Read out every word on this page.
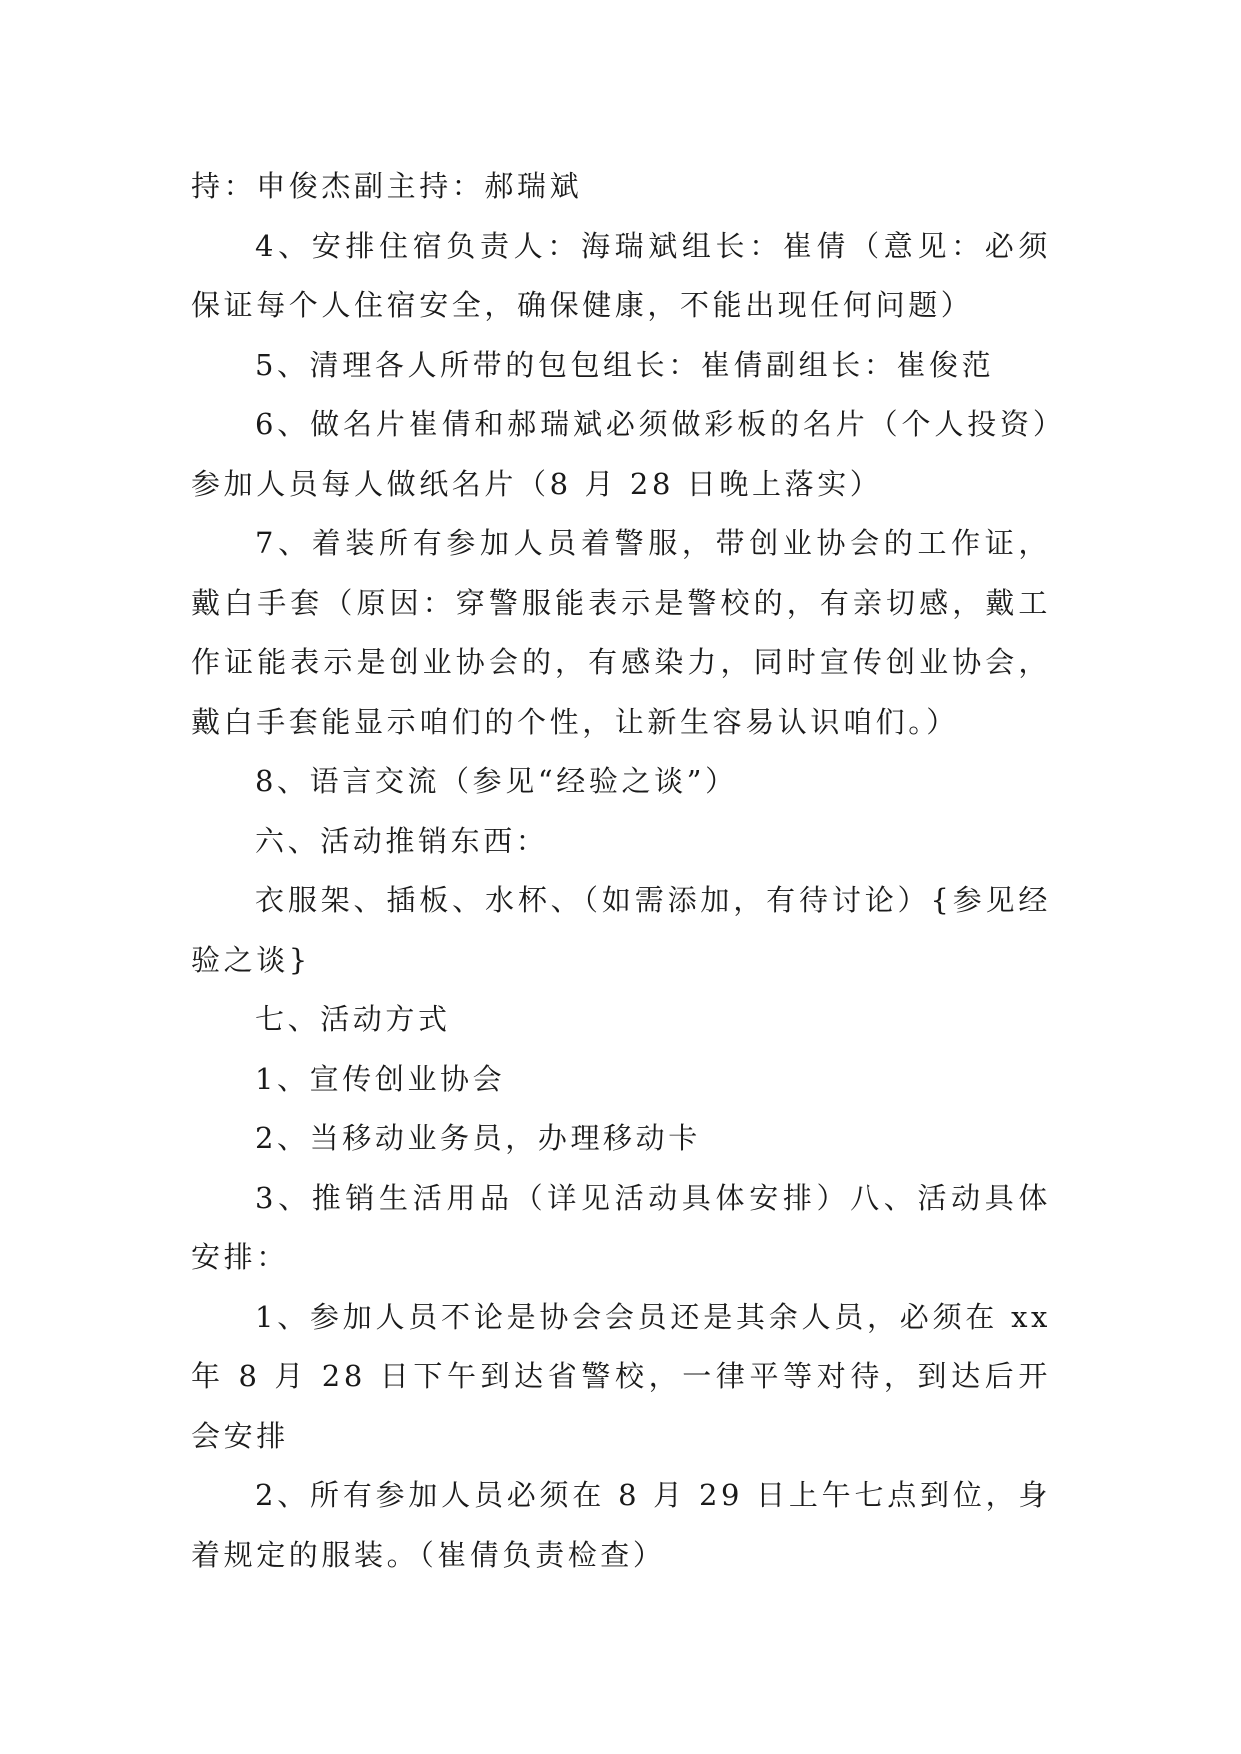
持：申俊杰副主持：郝瑞斌

4、安排住宿负责人：海瑞斌组长：崔倩（意见：必须保证每个人住宿安全，确保健康，不能出现任何问题）

5、清理各人所带的包包组长：崔倩副组长：崔俊范

6、做名片崔倩和郝瑞斌必须做彩板的名片（个人投资）参加人员每人做纸名片（8 月 28 日晚上落实）

7、着装所有参加人员着警服，带创业协会的工作证，戴白手套（原因：穿警服能表示是警校的，有亲切感，戴工作证能表示是创业协会的，有感染力，同时宣传创业协会，戴白手套能显示咱们的个性，让新生容易认识咱们。）

8、语言交流（参见“经验之谈”）

六、活动推销东西：

衣服架、插板、水杯、（如需添加，有待讨论）{参见经验之谈}

七、活动方式

1、宣传创业协会

2、当移动业务员，办理移动卡

3、推销生活用品（详见活动具体安排）八、活动具体安排：

1、参加人员不论是协会会员还是其余人员，必须在 xx 年 8 月 28 日下午到达省警校，一律平等对待，到达后开会安排

2、所有参加人员必须在 8 月 29 日上午七点到位，身着规定的服装。（崔倩负责检查）
